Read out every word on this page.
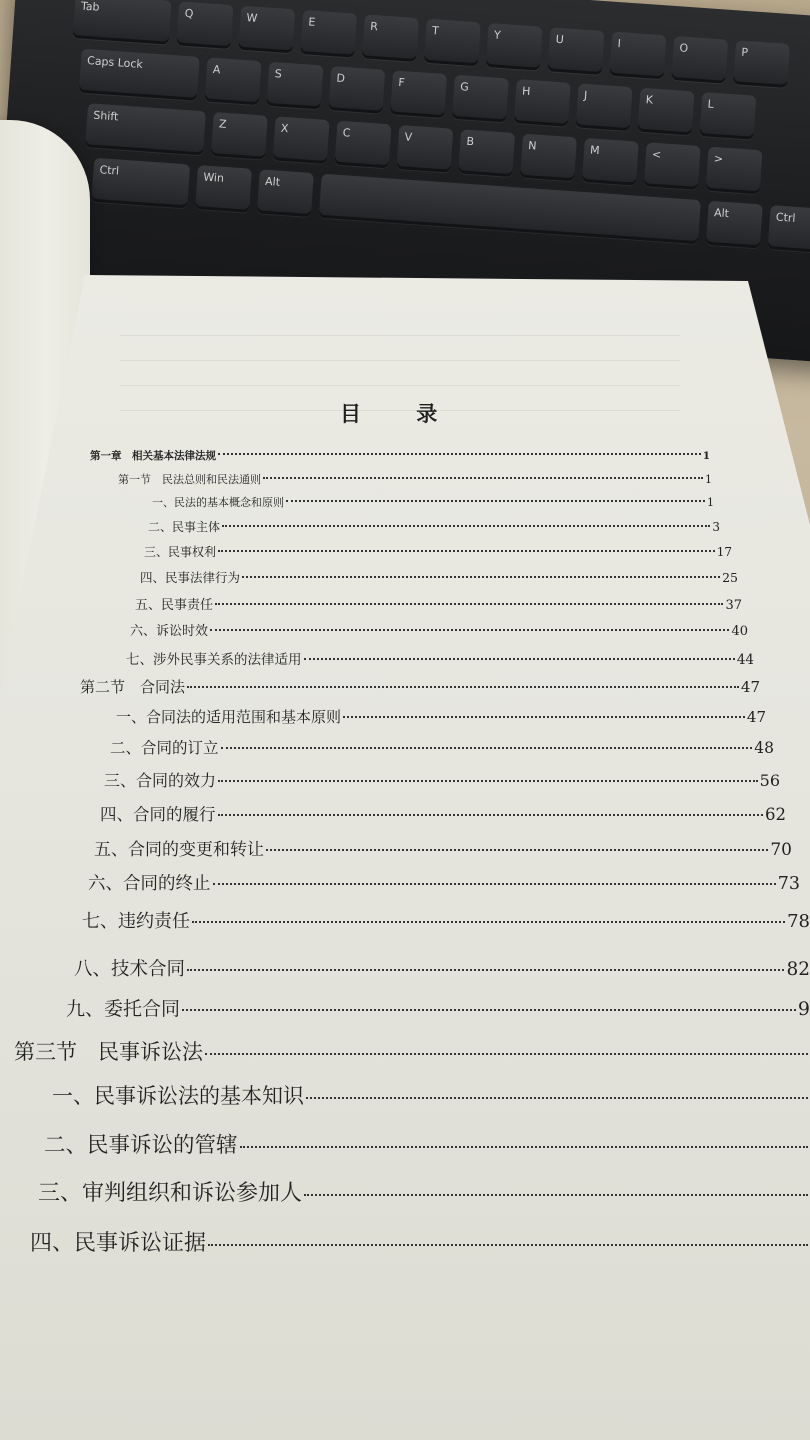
Tab	Q	W	E	R	T	Y	U	I	O	P
Caps Lock	A	S	D	F	G	H	J	K	L
Shift
Z	X	C	V	B	N	M	<	>
Ctrl
Win	Alt
Alt	Ctrl
目 录
第一章　相关基本法律法规	1
第一节　民法总则和民法通则	1
一、民法的基本概念和原则	1
二、民事主体	3
三、民事权利	17
四、民事法律行为	25
五、民事责任	37
六、诉讼时效	40
七、涉外民事关系的法律适用	44
第二节　合同法	47
一、合同法的适用范围和基本原则	47
二、合同的订立	48
三、合同的效力	56
四、合同的履行	62
五、合同的变更和转让	70
六、合同的终止	73
七、违约责任	78
八、技术合同	82
九、委托合同	9
第三节　民事诉讼法
一、民事诉讼法的基本知识
二、民事诉讼的管辖
三、审判组织和诉讼参加人
四、民事诉讼证据
